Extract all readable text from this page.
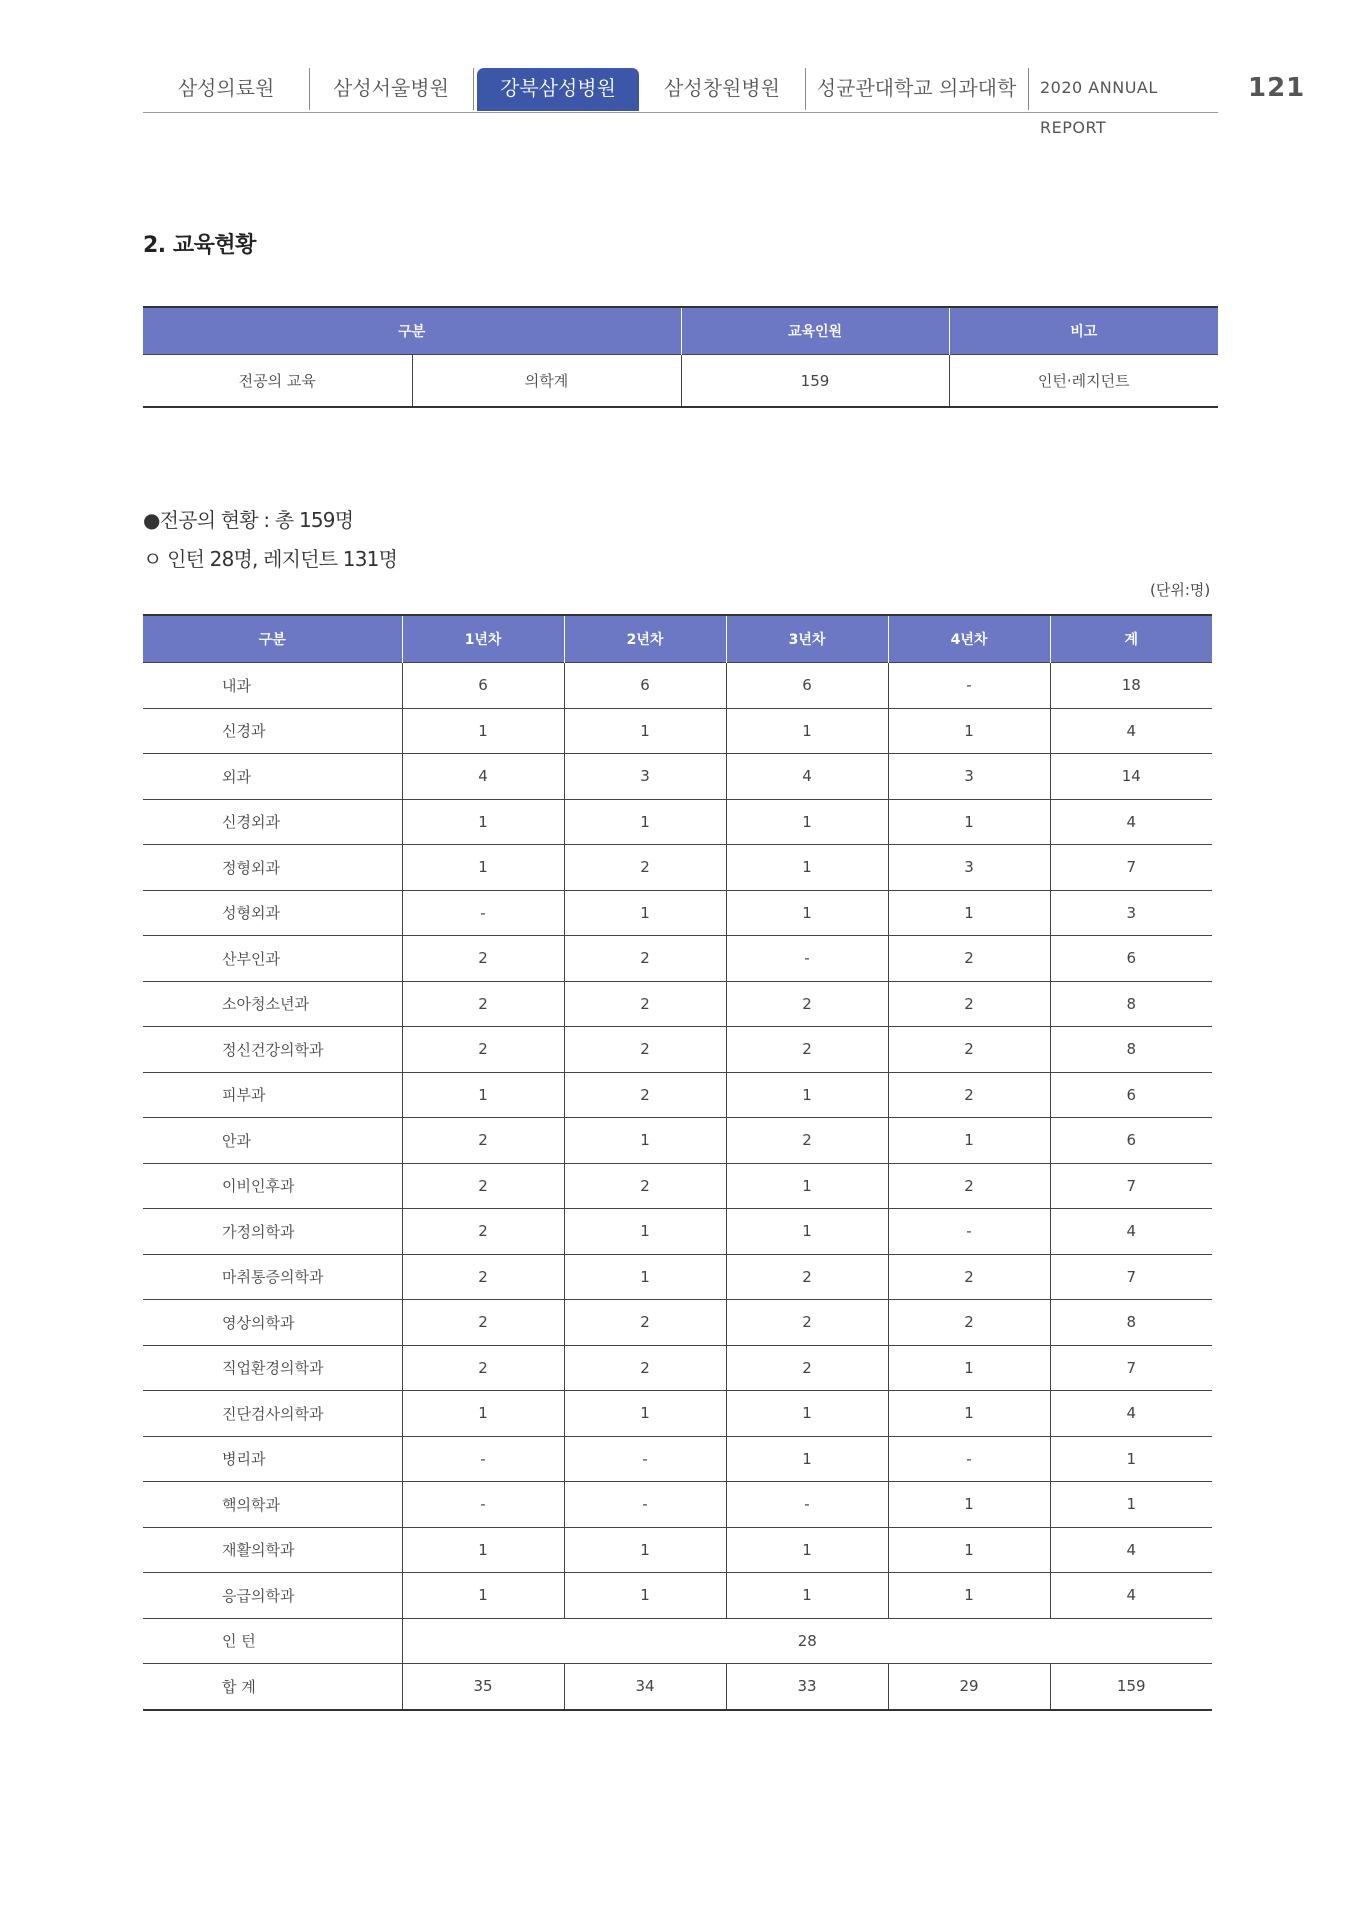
삼성의료원	삼성서울병원	강북삼성병원	삼성창원병원	성균관대학교 의과대학	2020 ANNUAL REPORT
121
2. 교육현황
구분		교육인원	비고
전공의 교육	의학계	159	인턴·레지던트
●전공의 현황 : 총 159명
ㅇ 인턴 28명, 레지던트 131명
(단위:명)
구분	1년차	2년차	3년차	4년차	계
내과	6	6	6	-	18
신경과	1	1	1	1	4
외과	4	3	4	3	14
신경외과	1	1	1	1	4
정형외과	1	2	1	3	7
성형외과	-	1	1	1	3
산부인과	2	2	-	2	6
소아청소년과	2	2	2	2	8
정신건강의학과	2	2	2	2	8
피부과	1	2	1	2	6
안과	2	1	2	1	6
이비인후과	2	2	1	2	7
가정의학과	2	1	1	-	4
마취통증의학과	2	1	2	2	7
영상의학과	2	2	2	2	8
직업환경의학과	2	2	2	1	7
진단검사의학과	1	1	1	1	4
병리과	-	-	1	-	1
핵의학과	-	-	-	1	1
재활의학과	1	1	1	1	4
응급의학과	1	1	1	1	4
인 턴	28				
합 계	35	34	33	29	159
